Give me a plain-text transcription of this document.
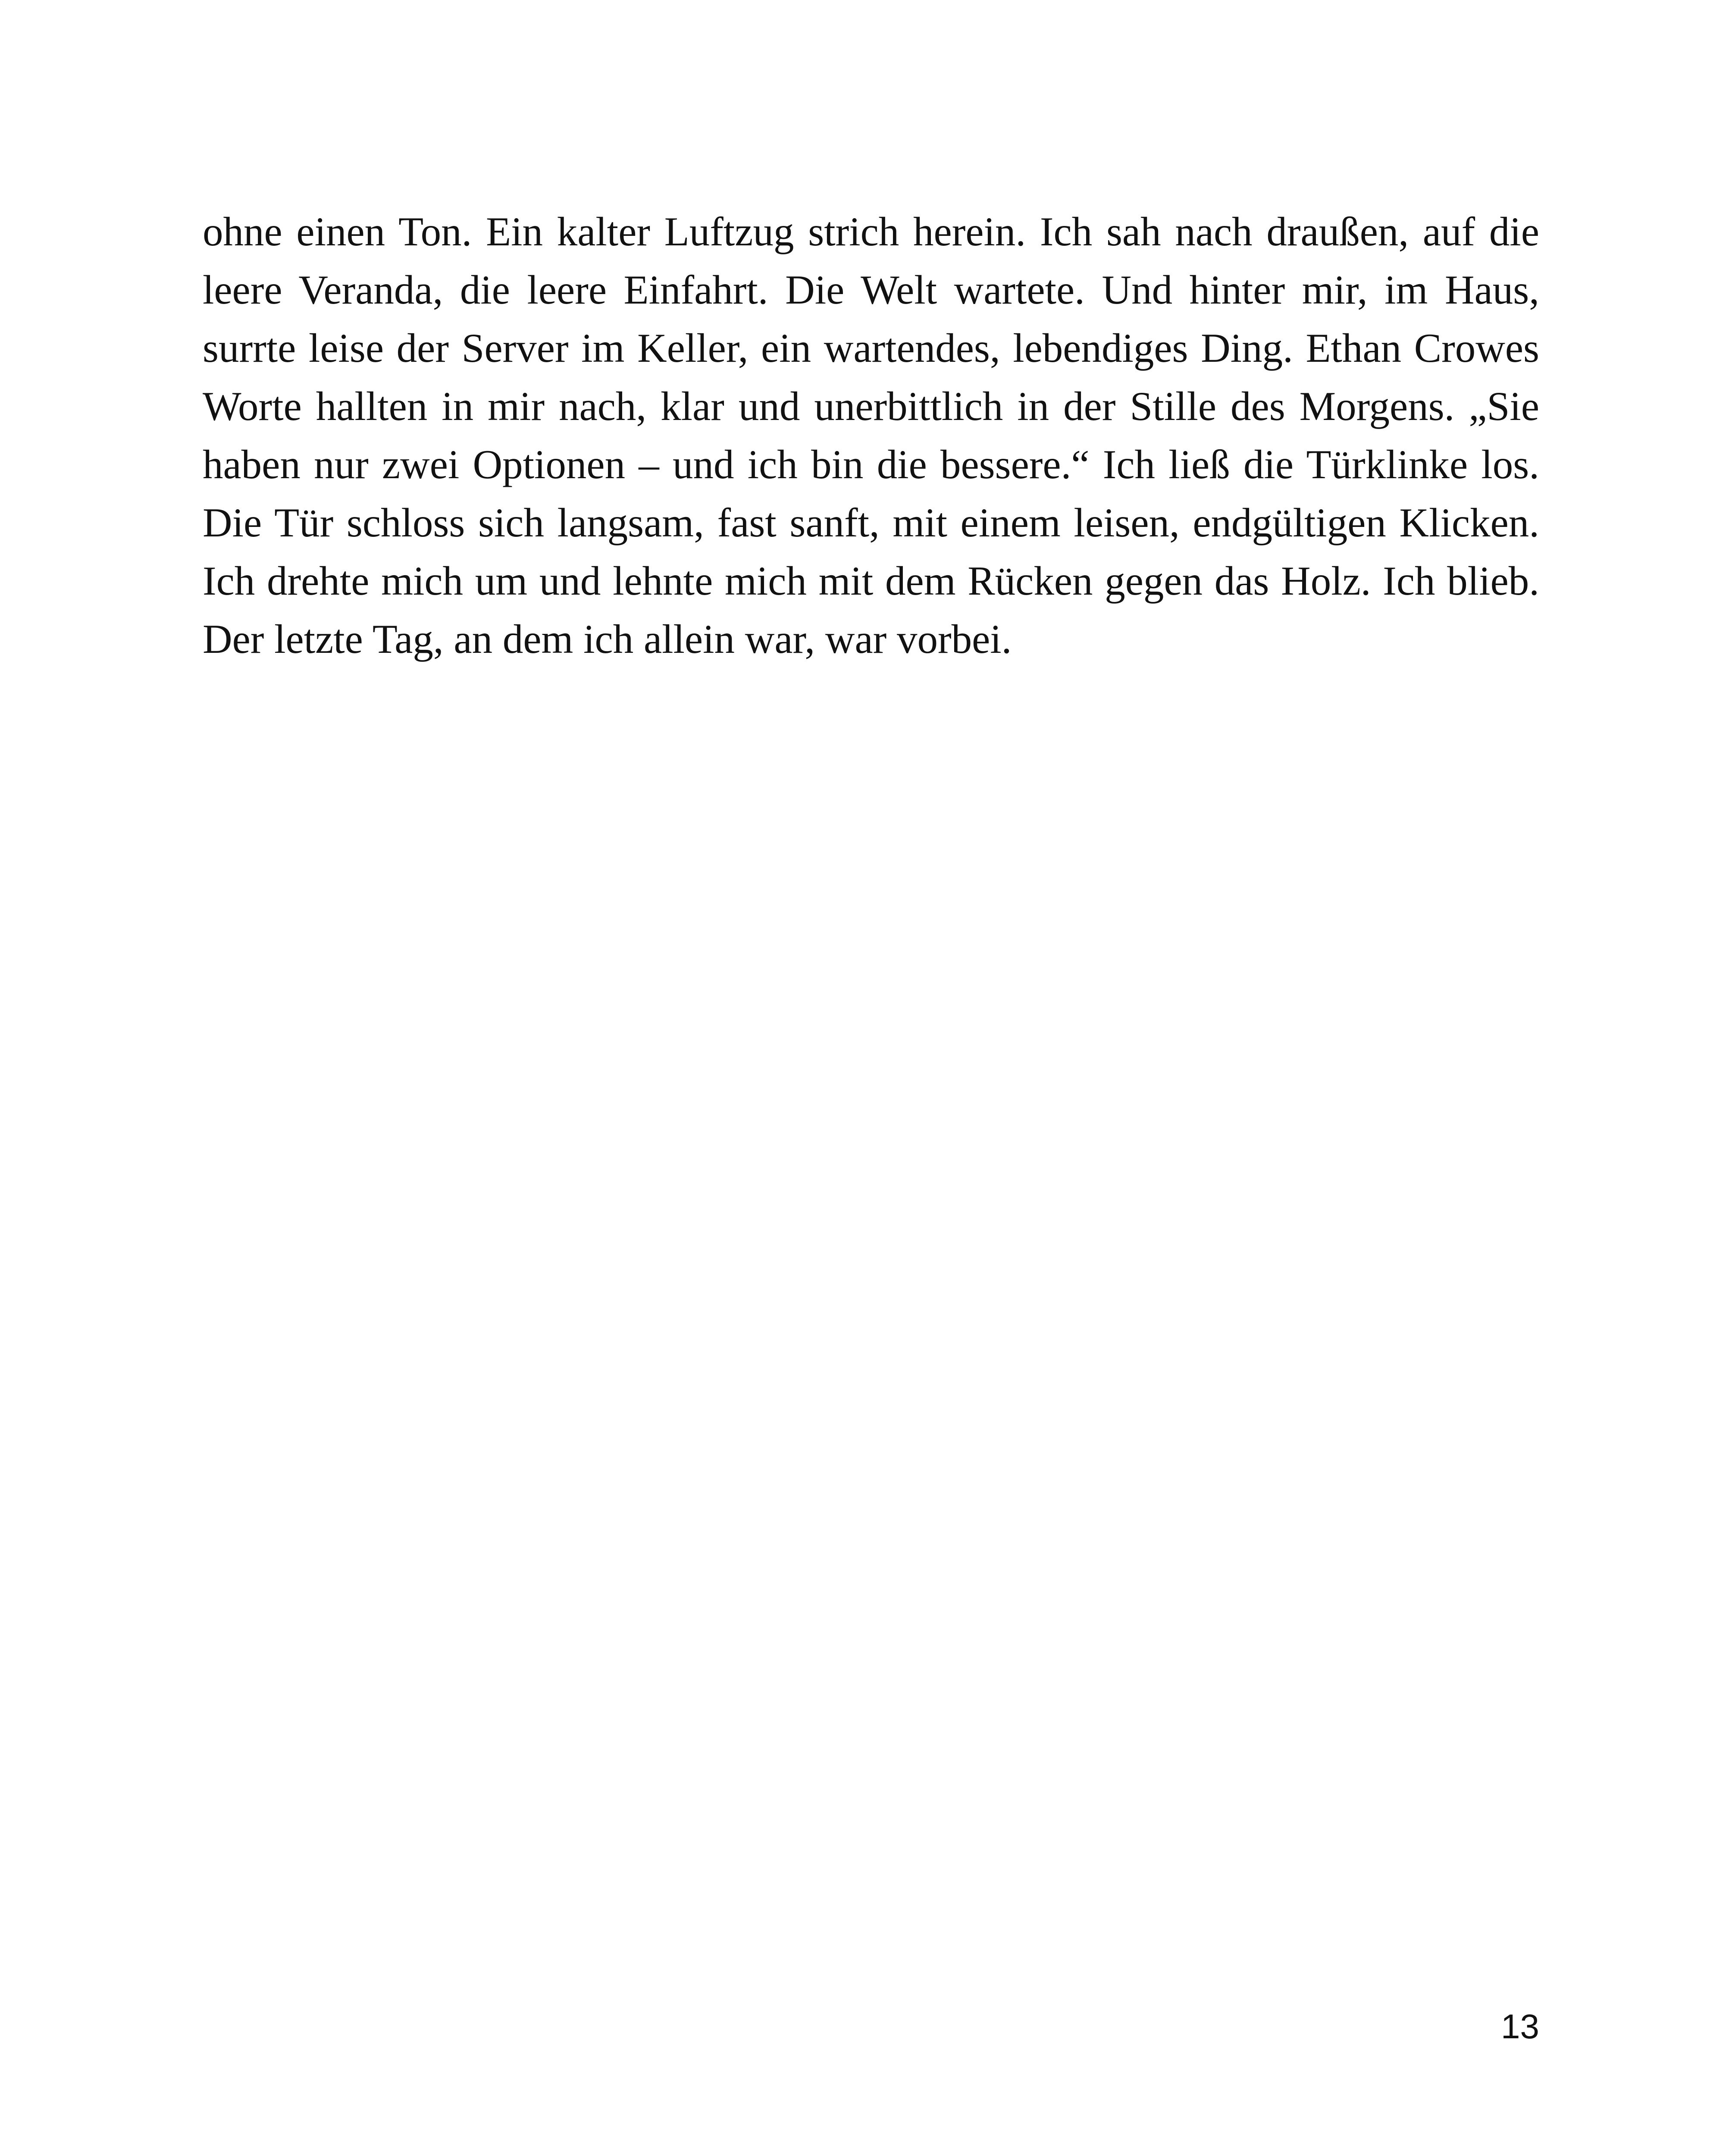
ohne einen Ton. Ein kalter Luftzug strich herein. Ich sah nach draußen, auf die
leere Veranda, die leere Einfahrt. Die Welt wartete. Und hinter mir, im Haus,
surrte leise der Server im Keller, ein wartendes, lebendiges Ding. Ethan Crowes
Worte hallten in mir nach, klar und unerbittlich in der Stille des Morgens. „Sie
haben nur zwei Optionen – und ich bin die bessere.“ Ich ließ die Türklinke los.
Die Tür schloss sich langsam, fast sanft, mit einem leisen, endgültigen Klicken.
Ich drehte mich um und lehnte mich mit dem Rücken gegen das Holz. Ich blieb.
Der letzte Tag, an dem ich allein war, war vorbei.
13
